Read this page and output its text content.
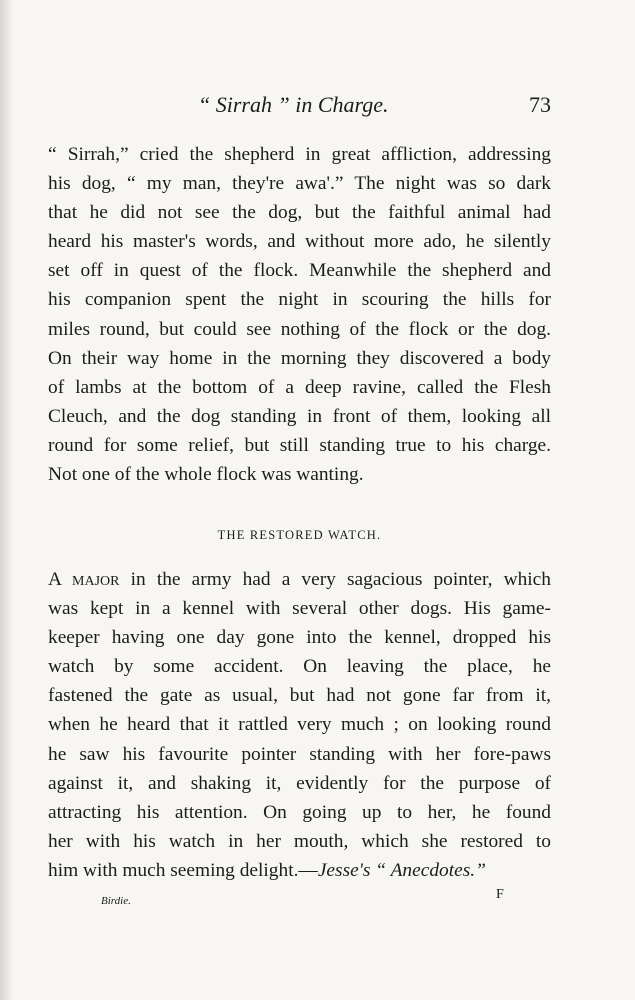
“ Sirrah ” in Charge.	73

“ Sirrah,” cried the shepherd in great affliction, addressing

his dog, “ my man, they're awa'.” The night was so dark

that he did not see the dog, but the faithful animal had

heard his master's words, and without more ado, he silently

set off in quest of the flock. Meanwhile the shepherd and

his companion spent the night in scouring the hills for

miles round, but could see nothing of the flock or the dog.

On their way home in the morning they discovered a body

of lambs at the bottom of a deep ravine, called the Flesh

Cleuch, and the dog standing in front of them, looking all

round for some relief, but still standing true to his charge.

Not one of the whole flock was wanting.

THE RESTORED WATCH.

A major in the army had a very sagacious pointer, which

was kept in a kennel with several other dogs. His game-

keeper having one day gone into the kennel, dropped his

watch by some accident. On leaving the place, he

fastened the gate as usual, but had not gone far from it,

when he heard that it rattled very much ; on looking round

he saw his favourite pointer standing with her fore-paws

against it, and shaking it, evidently for the purpose of

attracting his attention. On going up to her, he found

her with his watch in her mouth, which she restored to

him with much seeming delight.—Jesse's “ Anecdotes.”

Birdie.	F
